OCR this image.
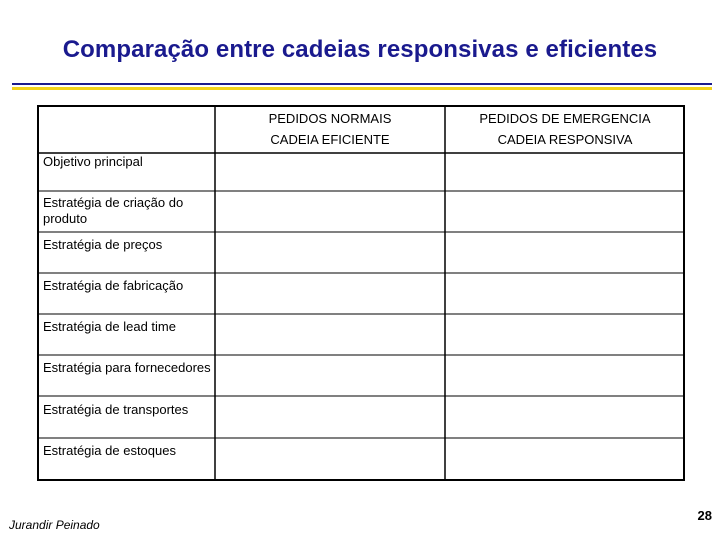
Comparação entre cadeias responsivas e eficientes
PEDIDOS NORMAIS
CADEIA EFICIENTE
PEDIDOS DE EMERGENCIA
CADEIA RESPONSIVA
Objetivo principal
Estratégia de criação do produto
Estratégia de preços
Estratégia de fabricação
Estratégia de lead time
Estratégia para fornecedores
Estratégia de transportes
Estratégia de estoques
Jurandir Peinado
28
